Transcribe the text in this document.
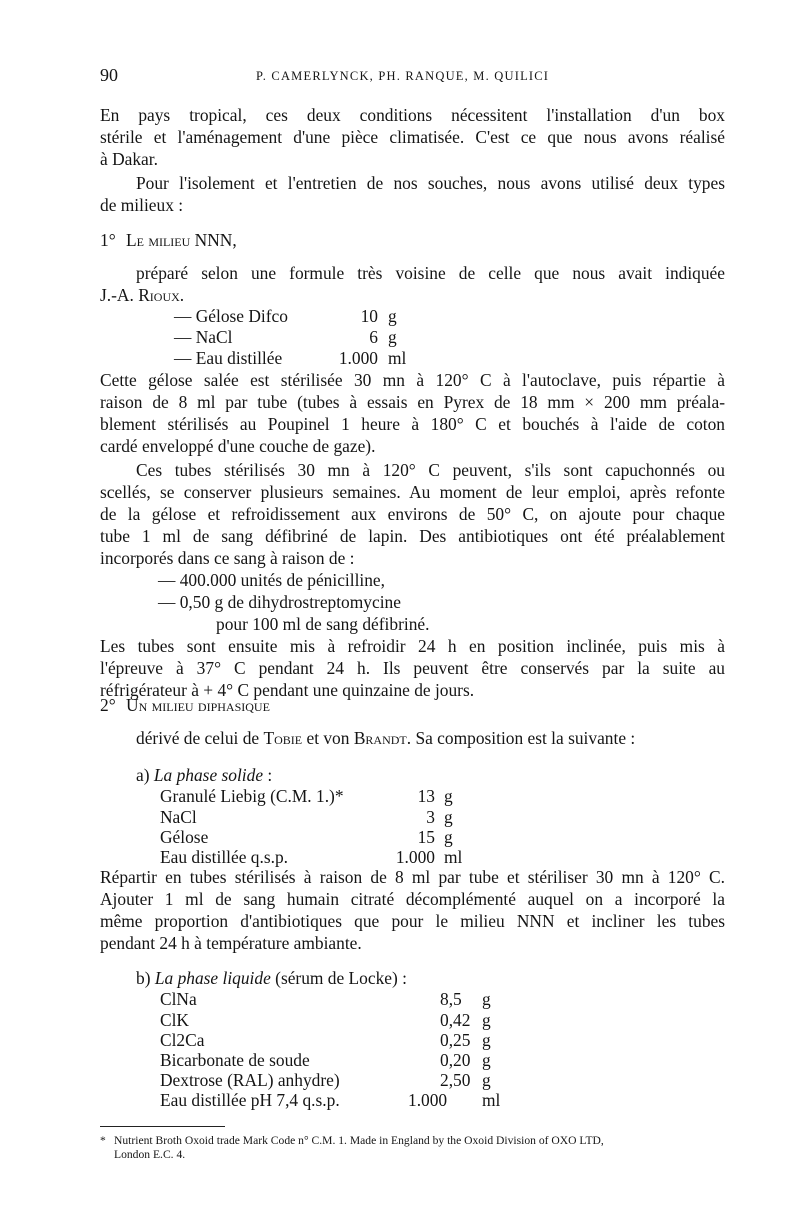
90	P. CAMERLYNCK, PH. RANQUE, M. QUILICI
En pays tropical, ces deux conditions nécessitent l'installation d'un box
stérile et l'aménagement d'une pièce climatisée. C'est ce que nous avons réalisé
à Dakar.
Pour l'isolement et l'entretien de nos souches, nous avons utilisé deux types
de milieux :
1° Le milieu NNN,
préparé selon une formule très voisine de celle que nous avait indiquée
J.-A. Rioux.
— Gélose Difco	10 g
— NaCl	6 g
— Eau distillée	1.000 ml
Cette gélose salée est stérilisée 30 mn à 120° C à l'autoclave, puis répartie à
raison de 8 ml par tube (tubes à essais en Pyrex de 18 mm × 200 mm préala-
blement stérilisés au Poupinel 1 heure à 180° C et bouchés à l'aide de coton
cardé enveloppé d'une couche de gaze).
Ces tubes stérilisés 30 mn à 120° C peuvent, s'ils sont capuchonnés ou
scellés, se conserver plusieurs semaines. Au moment de leur emploi, après refonte
de la gélose et refroidissement aux environs de 50° C, on ajoute pour chaque
tube 1 ml de sang défibriné de lapin. Des antibiotiques ont été préalablement
incorporés dans ce sang à raison de :
— 400.000 unités de pénicilline,
— 0,50 g de dihydrostreptomycine
pour 100 ml de sang défibriné.
Les tubes sont ensuite mis à refroidir 24 h en position inclinée, puis mis à
l'épreuve à 37° C pendant 24 h. Ils peuvent être conservés par la suite au
réfrigérateur à + 4° C pendant une quinzaine de jours.
2° Un milieu diphasique
dérivé de celui de Tobie et von Brandt. Sa composition est la suivante :
a) La phase solide :
Granulé Liebig (C.M. 1.)*	13 g
NaCl	3 g
Gélose	15 g
Eau distillée q.s.p.	1.000 ml
Répartir en tubes stérilisés à raison de 8 ml par tube et stériliser 30 mn à 120° C.
Ajouter 1 ml de sang humain citraté décomplémenté auquel on a incorporé la
même proportion d'antibiotiques que pour le milieu NNN et incliner les tubes
pendant 24 h à température ambiante.
b) La phase liquide (sérum de Locke) :
ClNa	8,5 g
ClK	0,42 g
Cl2Ca	0,25 g
Bicarbonate de soude	0,20 g
Dextrose (RAL) anhydre)	2,50 g
Eau distillée pH 7,4 q.s.p.	1.000 ml
* Nutrient Broth Oxoid trade Mark Code n° C.M. 1. Made in England by the Oxoid Division of OXO LTD,
London E.C. 4.
